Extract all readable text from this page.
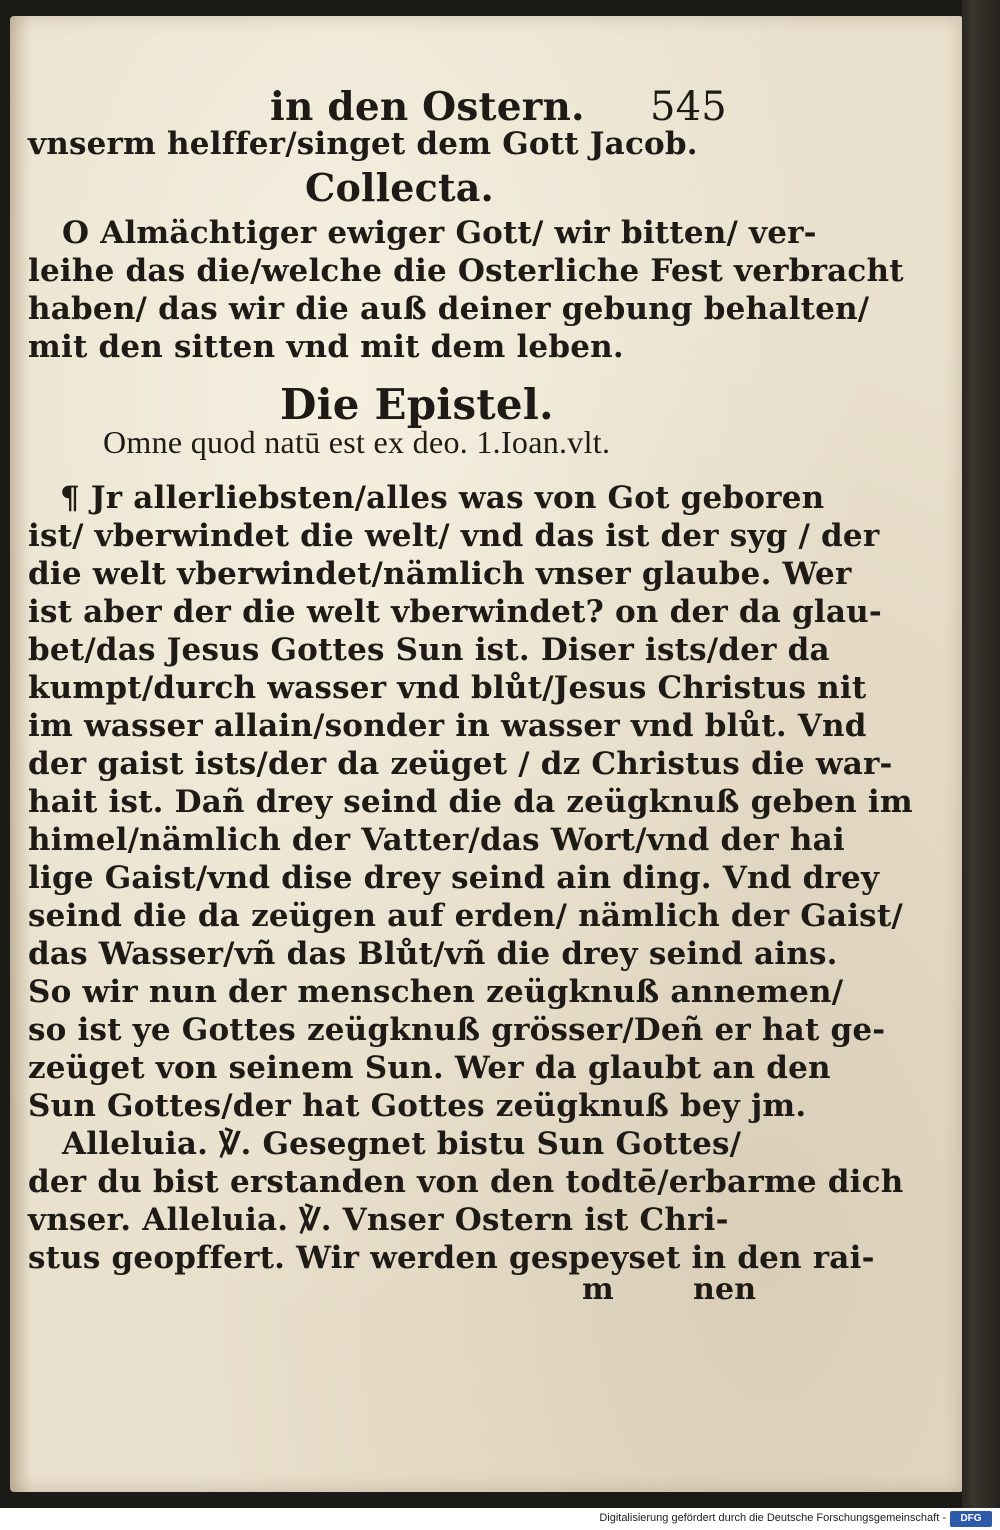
in den Ostern. 545
vnserm helffer/singet dem Gott Jacob.
Collecta.
O Almächtiger ewiger Gott/ wir bitten/ ver-
leihe das die/welche die Osterliche Fest verbracht
haben/ das wir die auß deiner gebung behalten/
mit den sitten vnd mit dem leben.
Die Epistel.
Omne quod natū est ex deo. 1.Ioan.vlt.
¶ Jr allerliebsten/alles was von Got geboren
ist/ vberwindet die welt/ vnd das ist der syg / der
die welt vberwindet/nämlich vnser glaube. Wer
ist aber der die welt vberwindet? on der da glau-
bet/das Jesus Gottes Sun ist. Diser ists/der da
kumpt/durch wasser vnd blůt/Jesus Christus nit
im wasser allain/sonder in wasser vnd blůt. Vnd
der gaist ists/der da zeüget / dz Christus die war-
hait ist. Dañ drey seind die da zeügknuß geben im
himel/nämlich der Vatter/das Wort/vnd der hai
lige Gaist/vnd dise drey seind ain ding. Vnd drey
seind die da zeügen auf erden/ nämlich der Gaist/
das Wasser/vñ das Blůt/vñ die drey seind ains.
So wir nun der menschen zeügknuß annemen/
so ist ye Gottes zeügknuß grösser/Deñ er hat ge-
zeüget von seinem Sun. Wer da glaubt an den
Sun Gottes/der hat Gottes zeügknuß bey jm.
Alleluia. ℣. Gesegnet bistu Sun Gottes/
der du bist erstanden von den todtē/erbarme dich
vnser. Alleluia. ℣. Vnser Ostern ist Chri-
stus geopffert. Wir werden gespeyset in den rai-
m	nen
Digitalisierung gefördert durch die Deutsche Forschungsgemeinschaft -	DFG
